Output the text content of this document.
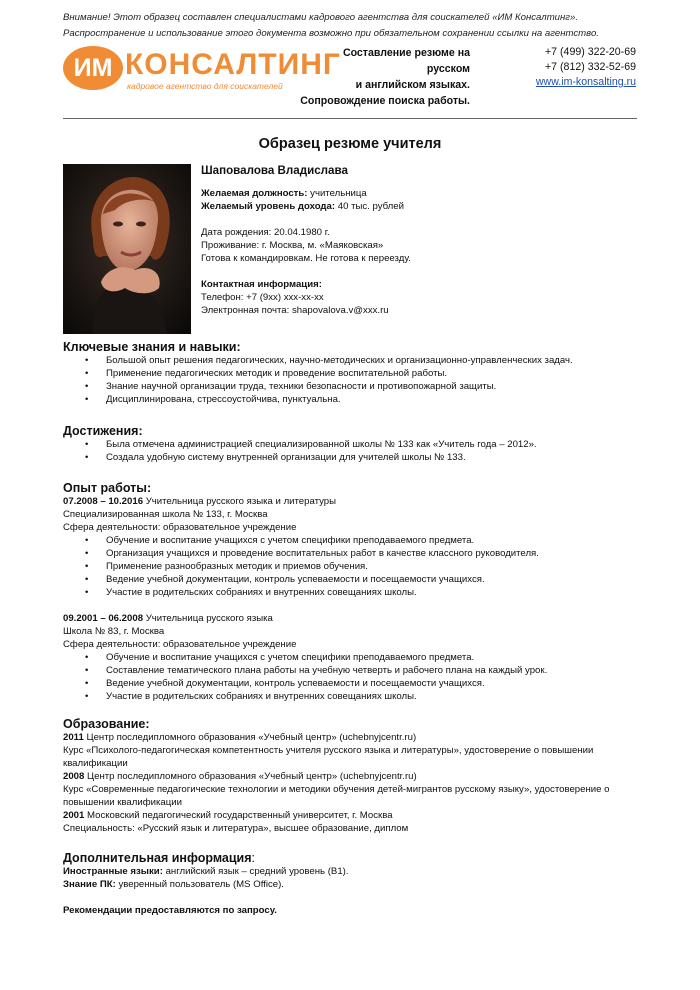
Внимание! Этот образец составлен специалистами кадрового агентства для соискателей «ИМ Консалтинг».
Распространение и использование этого документа возможно при обязательном сохранении ссылки на агентство.
ИМ КОНСАЛТИНГ
кадровое агентство для соискателей
Составление резюме на русском
и английском языках.
Сопровождение поиска работы.
+7 (499) 322-20-69
+7 (812) 332-52-69
www.im-konsalting.ru
Образец резюме учителя
Шаповалова Владислава
Желаемая должность: учительница
Желаемый уровень дохода: 40 тыс. рублей
Дата рождения: 20.04.1980 г.
Проживание: г. Москва, м. «Маяковская»
Готова к командировкам. Не готова к переезду.
Контактная информация:
Телефон: +7 (9хх) ххх-хх-хх
Электронная почта: shapovalova.v@xxx.ru
Ключевые знания и навыки:
• Большой опыт решения педагогических, научно-методических и организационно-управленческих задач.
• Применение педагогических методик и проведение воспитательной работы.
• Знание научной организации труда, техники безопасности и противопожарной защиты.
• Дисциплинирована, стрессоустойчива, пунктуальна.
Достижения:
• Была отмечена администрацией специализированной школы № 133 как «Учитель года – 2012».
• Создала удобную систему внутренней организации для учителей школы № 133.
Опыт работы:
07.2008 – 10.2016 Учительница русского языка и литературы
Специализированная школа № 133, г. Москва
Сфера деятельности: образовательное учреждение
• Обучение и воспитание учащихся с учетом специфики преподаваемого предмета.
• Организация учащихся и проведение воспитательных работ в качестве классного руководителя.
• Применение разнообразных методик и приемов обучения.
• Ведение учебной документации, контроль успеваемости и посещаемости учащихся.
• Участие в родительских собраниях и внутренних совещаниях школы.
09.2001 – 06.2008 Учительница русского языка
Школа № 83, г. Москва
Сфера деятельности: образовательное учреждение
• Обучение и воспитание учащихся с учетом специфики преподаваемого предмета.
• Составление тематического плана работы на учебную четверть и рабочего плана на каждый урок.
• Ведение учебной документации, контроль успеваемости и посещаемости учащихся.
• Участие в родительских собраниях и внутренних совещаниях школы.
Образование:
2011 Центр последипломного образования «Учебный центр» (uchebnyjcentr.ru)
Курс «Психолого-педагогическая компетентность учителя русского языка и литературы», удостоверение о повышении квалификации
2008 Центр последипломного образования «Учебный центр» (uchebnyjcentr.ru)
Курс «Современные педагогические технологии и методики обучения детей-мигрантов русскому языку», удостоверение о повышении квалификации
2001 Московский педагогический государственный университет, г. Москва
Специальность: «Русский язык и литература», высшее образование, диплом
Дополнительная информация:
Иностранные языки: английский язык – средний уровень (B1).
Знание ПК: уверенный пользователь (MS Office).
Рекомендации предоставляются по запросу.
